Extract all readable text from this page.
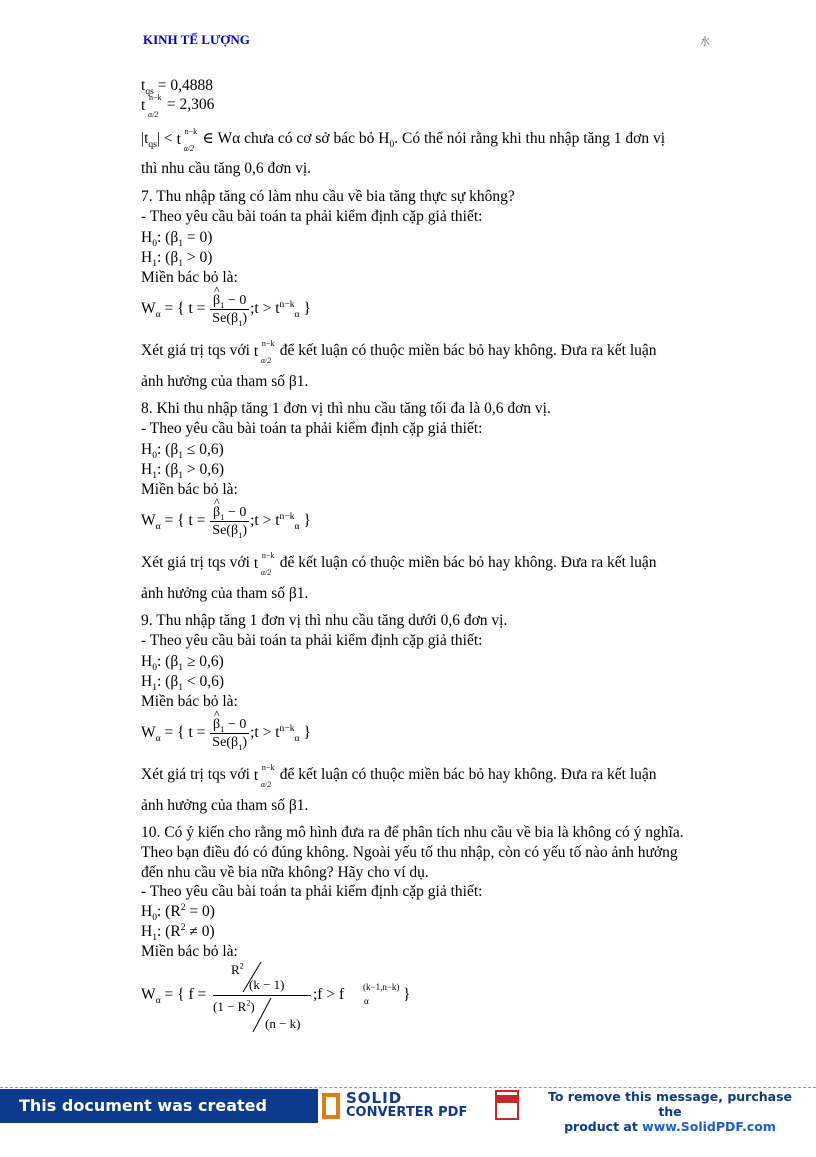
KINH TẾ LƯỢNG	水
$t_{qs} = 0,4888$
t n−k
α/2
= 2,306
$|t_{qs}| < t$ n−k
α/2
∈ Wα chưa có cơ sở bác bỏ $H_0$. Có thể nói rằng khi thu nhập tăng 1 đơn vị
thì nhu cầu tăng 0,6 đơn vị.
7. Thu nhập tăng có làm nhu cầu về bia tăng thực sự không?
- Theo yêu cầu bài toán ta phải kiểm định cặp giả thiết:
$H_0$: $(\beta_1 = 0)$
$H_1$: $(\beta_1 > 0)$
Miền bác bỏ là:
$W_\alpha$ = { t = ^ $\frac{\beta_1 - 0}{Se(\beta_1)}$ ;t > $t^{n-k}_\alpha$ }
Xét giá trị tqs với t n−k
α/2
để kết luận có thuộc miền bác bỏ hay không. Đưa ra kết luận
ảnh hưởng của tham số β1.
8. Khi thu nhập tăng 1 đơn vị thì nhu cầu tăng tối đa là 0,6 đơn vị.
- Theo yêu cầu bài toán ta phải kiểm định cặp giả thiết:
$H_0$: $(\beta_1 \le 0,6)$
$H_1$: $(\beta_1 > 0,6)$
Miền bác bỏ là:
$W_\alpha$ = { t = ^ $\frac{\beta_1 - 0}{Se(\beta_1)}$ ;t > $t^{n-k}_\alpha$ }
Xét giá trị tqs với t n−k
α/2
để kết luận có thuộc miền bác bỏ hay không. Đưa ra kết luận
ảnh hưởng của tham số β1.
9. Thu nhập tăng 1 đơn vị thì nhu cầu tăng dưới 0,6 đơn vị.
- Theo yêu cầu bài toán ta phải kiểm định cặp giả thiết:
$H_0$: $(\beta_1 \ge 0,6)$
$H_1$: $(\beta_1 < 0,6)$
Miền bác bỏ là:
$W_\alpha$ = { t = ^ $\frac{\beta_1 - 0}{Se(\beta_1)}$ ;t > $t^{n-k}_\alpha$ }
Xét giá trị tqs với t n−k
α/2
để kết luận có thuộc miền bác bỏ hay không. Đưa ra kết luận
ảnh hưởng của tham số β1.
10. Có ý kiến cho rằng mô hình đưa ra để phân tích nhu cầu về bia là không có ý nghĩa.
Theo bạn điều đó có đúng không. Ngoài yếu tố thu nhập, còn có yếu tố nào ảnh hưởng
đến nhu cầu về bia nữa không? Hãy cho ví dụ.
- Theo yêu cầu bài toán ta phải kiểm định cặp giả thiết:
$H_0$: $(R^2 = 0)$
$H_1$: $(R^2 \ne 0)$
Miền bác bỏ là:
$W_\alpha$ = { f =
$R^2$
(k − 1)
$(1 - R^2)$
(n − k)
;f > f (k−1,n−k)
α }
This document was created using
SOLID
CONVERTER PDF
To remove this message, purchase the
product at www.SolidPDF.com
